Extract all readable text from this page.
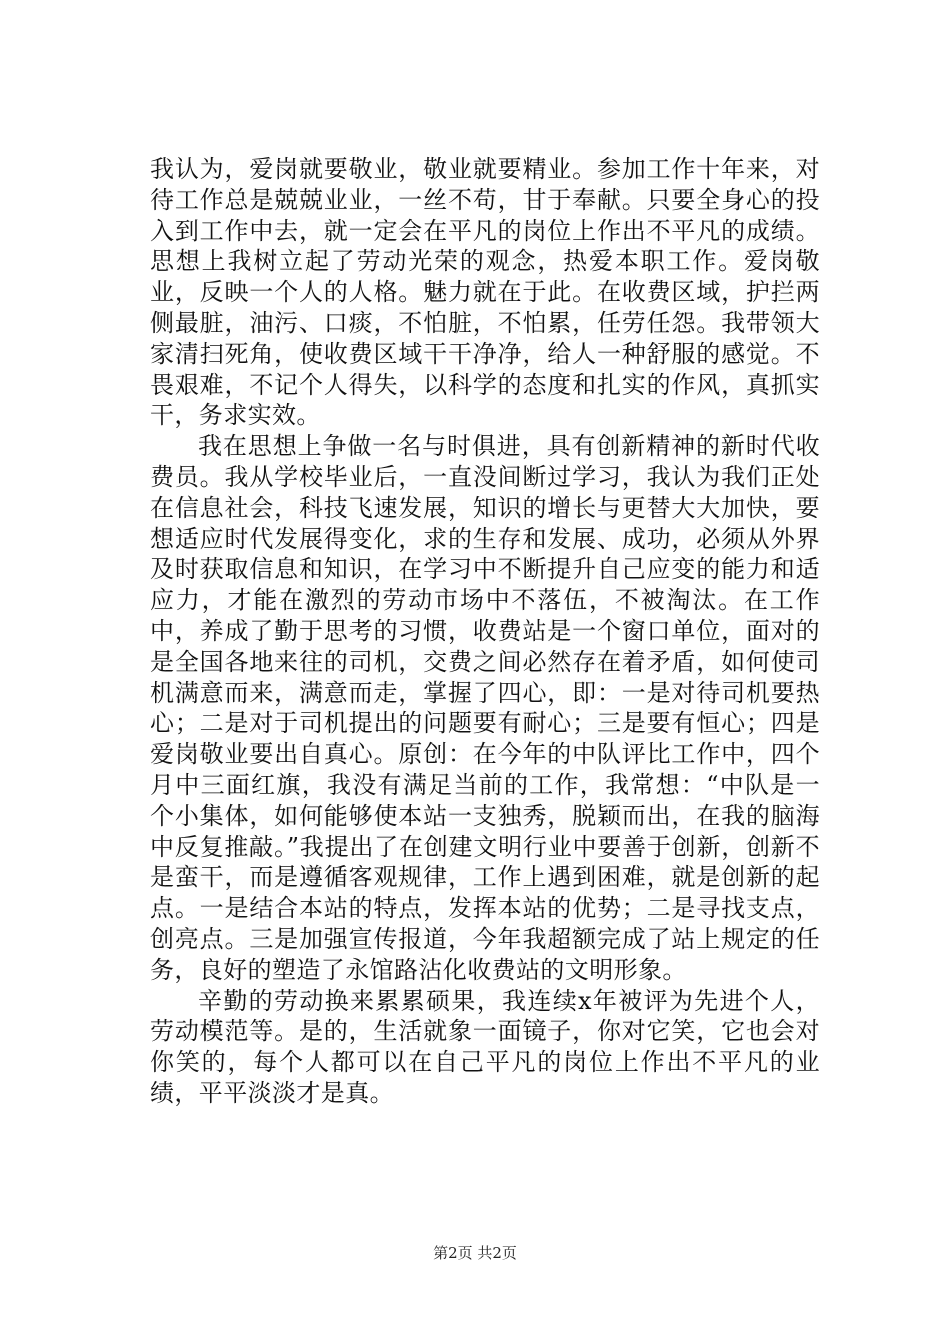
我认为，爱岗就要敬业，敬业就要精业。参加工作十年来，对待工作总是兢兢业业，一丝不苟，甘于奉献。只要全身心的投入到工作中去，就一定会在平凡的岗位上作出不平凡的成绩。思想上我树立起了劳动光荣的观念，热爱本职工作。爱岗敬业，反映一个人的人格。魅力就在于此。在收费区域，护拦两侧最脏，油污、口痰，不怕脏，不怕累，任劳任怨。我带领大家清扫死角，使收费区域干干净净，给人一种舒服的感觉。不畏艰难，不记个人得失，以科学的态度和扎实的作风，真抓实干，务求实效。

我在思想上争做一名与时俱进，具有创新精神的新时代收费员。我从学校毕业后，一直没间断过学习，我认为我们正处在信息社会，科技飞速发展，知识的增长与更替大大加快，要想适应时代发展得变化，求的生存和发展、成功，必须从外界及时获取信息和知识，在学习中不断提升自己应变的能力和适应力，才能在激烈的劳动市场中不落伍，不被淘汰。在工作中，养成了勤于思考的习惯，收费站是一个窗口单位，面对的是全国各地来往的司机，交费之间必然存在着矛盾，如何使司机满意而来，满意而走，掌握了四心，即：一是对待司机要热心；二是对于司机提出的问题要有耐心；三是要有恒心；四是爱岗敬业要出自真心。原创：在今年的中队评比工作中，四个月中三面红旗，我没有满足当前的工作，我常想：“中队是一个小集体，如何能够使本站一支独秀，脱颖而出，在我的脑海中反复推敲。”我提出了在创建文明行业中要善于创新，创新不是蛮干，而是遵循客观规律，工作上遇到困难，就是创新的起点。一是结合本站的特点，发挥本站的优势；二是寻找支点，创亮点。三是加强宣传报道，今年我超额完成了站上规定的任务，良好的塑造了永馆路沾化收费站的文明形象。

辛勤的劳动换来累累硕果，我连续x年被评为先进个人，劳动模范等。是的，生活就象一面镜子，你对它笑，它也会对你笑的，每个人都可以在自己平凡的岗位上作出不平凡的业绩，平平淡淡才是真。

第2页 共2页
